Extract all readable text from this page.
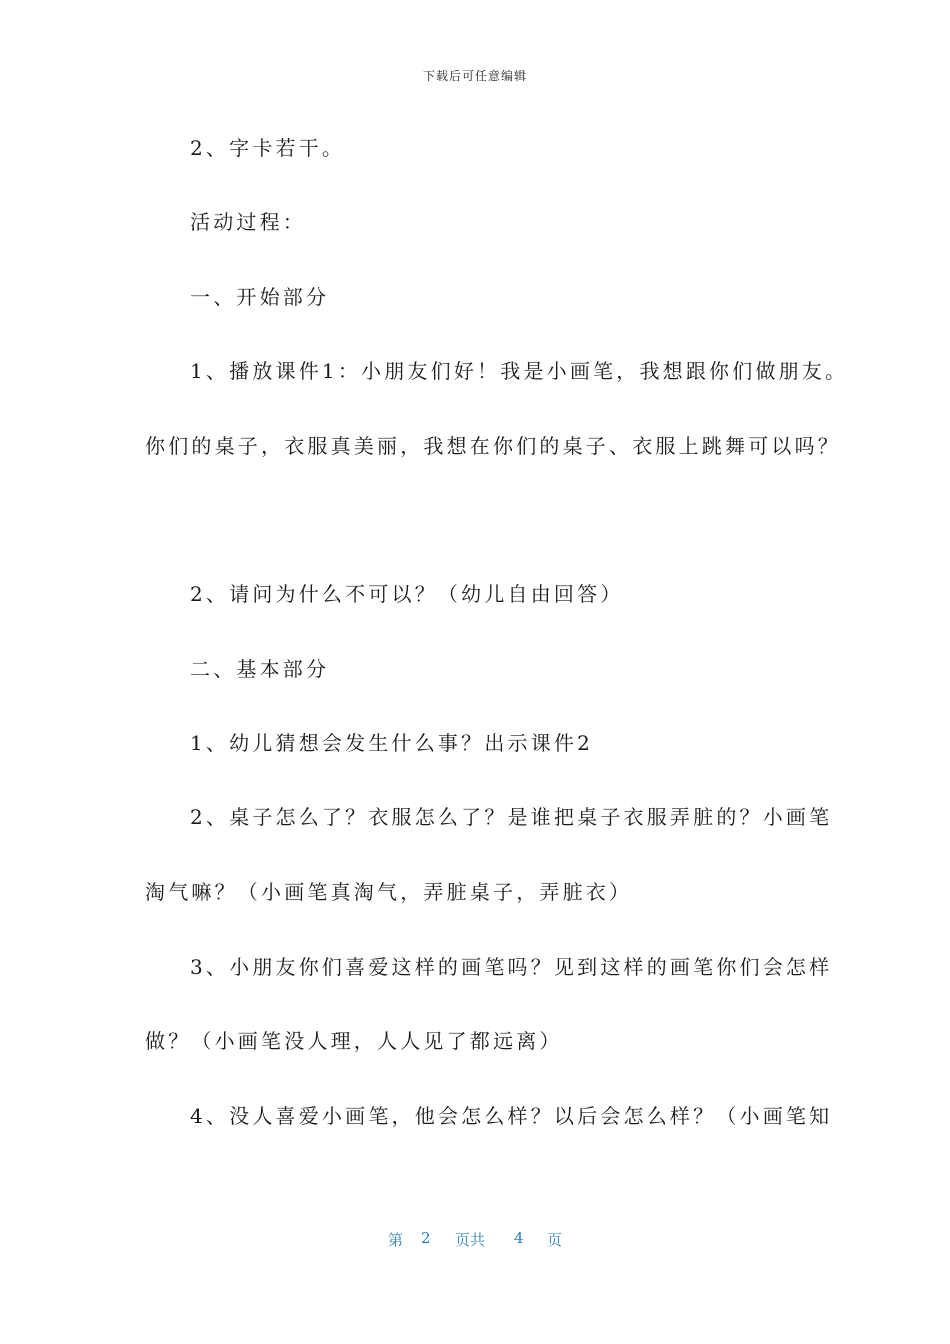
下载后可任意编辑
2、字卡若干。
活动过程：
一、开始部分
1、播放课件1：小朋友们好！我是小画笔，我想跟你们做朋友。
你们的桌子，衣服真美丽，我想在你们的桌子、衣服上跳舞可以吗？
2、请问为什么不可以？（幼儿自由回答）
二、基本部分
1、幼儿猜想会发生什么事？出示课件2
2、桌子怎么了？衣服怎么了？是谁把桌子衣服弄脏的？小画笔
淘气嘛？（小画笔真淘气，弄脏桌子，弄脏衣）
3、小朋友你们喜爱这样的画笔吗？见到这样的画笔你们会怎样
做？（小画笔没人理，人人见了都远离）
4、没人喜爱小画笔，他会怎么样？以后会怎么样？（小画笔知
第 2 页共 4 页
